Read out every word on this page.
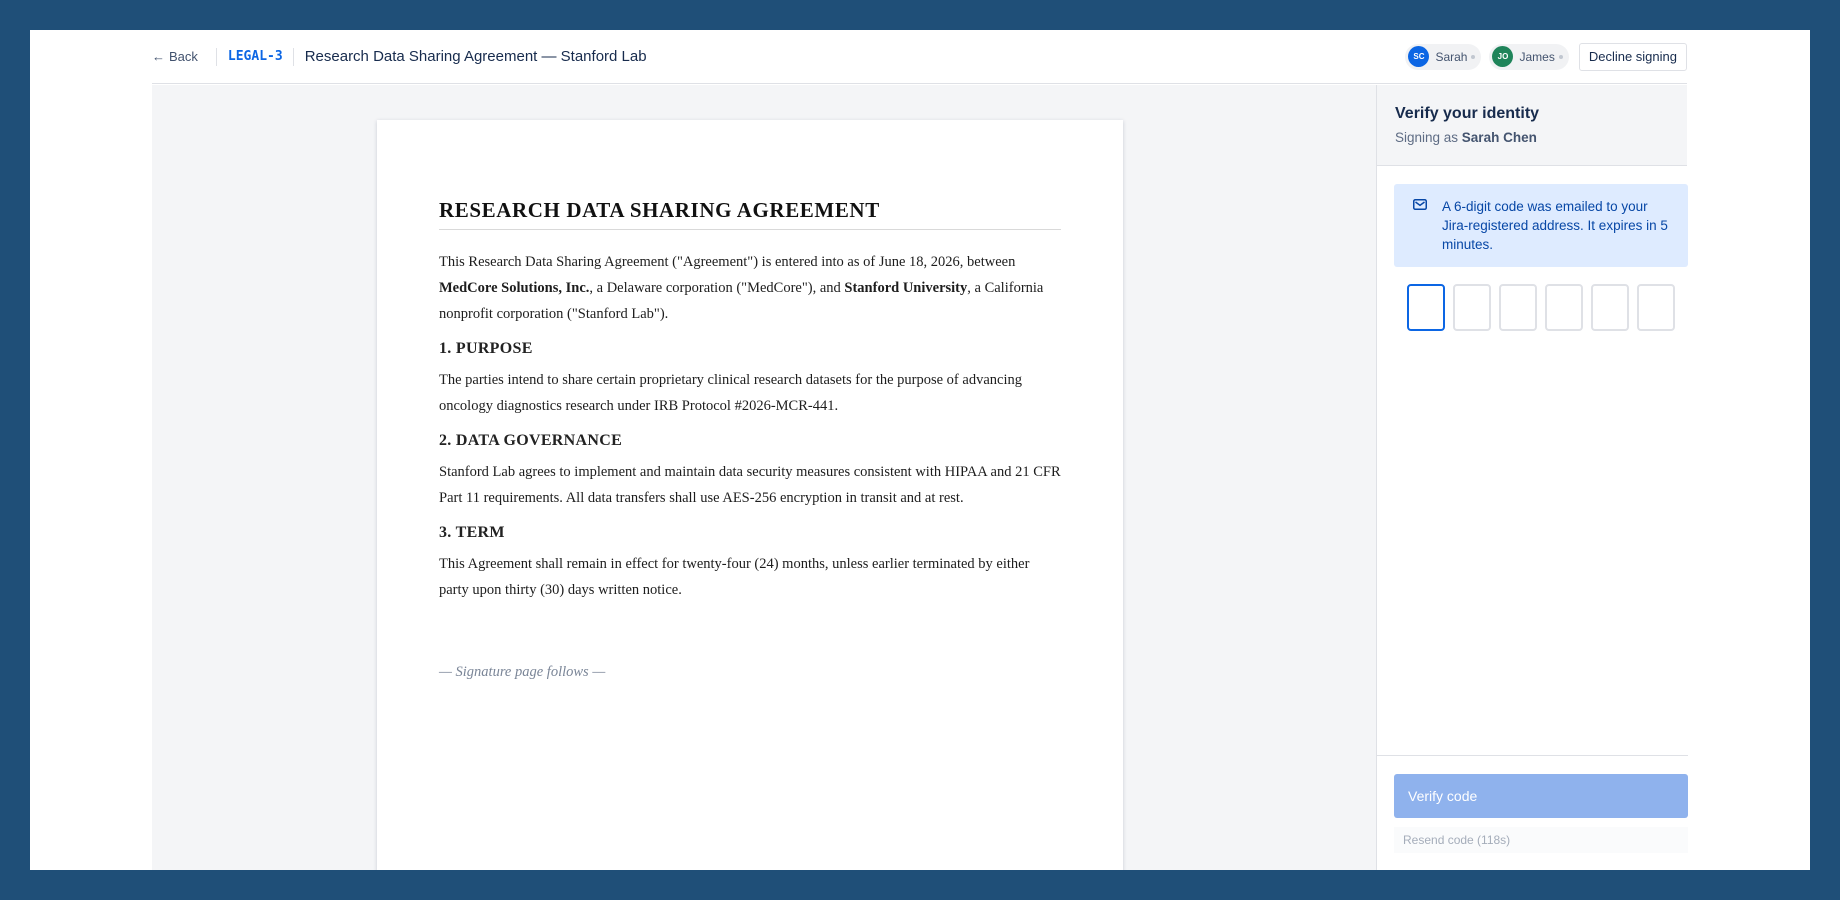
← Back LEGAL-3 Research Data Sharing Agreement — Stanford Lab	SC Sarah	JO James	Decline signing
RESEARCH DATA SHARING AGREEMENT

This Research Data Sharing Agreement ("Agreement") is entered into as of June 18, 2026, between MedCore Solutions, Inc., a Delaware corporation ("MedCore"), and Stanford University, a California nonprofit corporation ("Stanford Lab").

1. PURPOSE

The parties intend to share certain proprietary clinical research datasets for the purpose of advancing oncology diagnostics research under IRB Protocol #2026-MCR-441.

2. DATA GOVERNANCE

Stanford Lab agrees to implement and maintain data security measures consistent with HIPAA and 21 CFR Part 11 requirements. All data transfers shall use AES-256 encryption in transit and at rest.

3. TERM

This Agreement shall remain in effect for twenty-four (24) months, unless earlier terminated by either party upon thirty (30) days written notice.

— Signature page follows —

Verify your identity
Signing as Sarah Chen
A 6-digit code was emailed to your Jira-registered address. It expires in 5 minutes.
Verify code
Resend code (118s)
